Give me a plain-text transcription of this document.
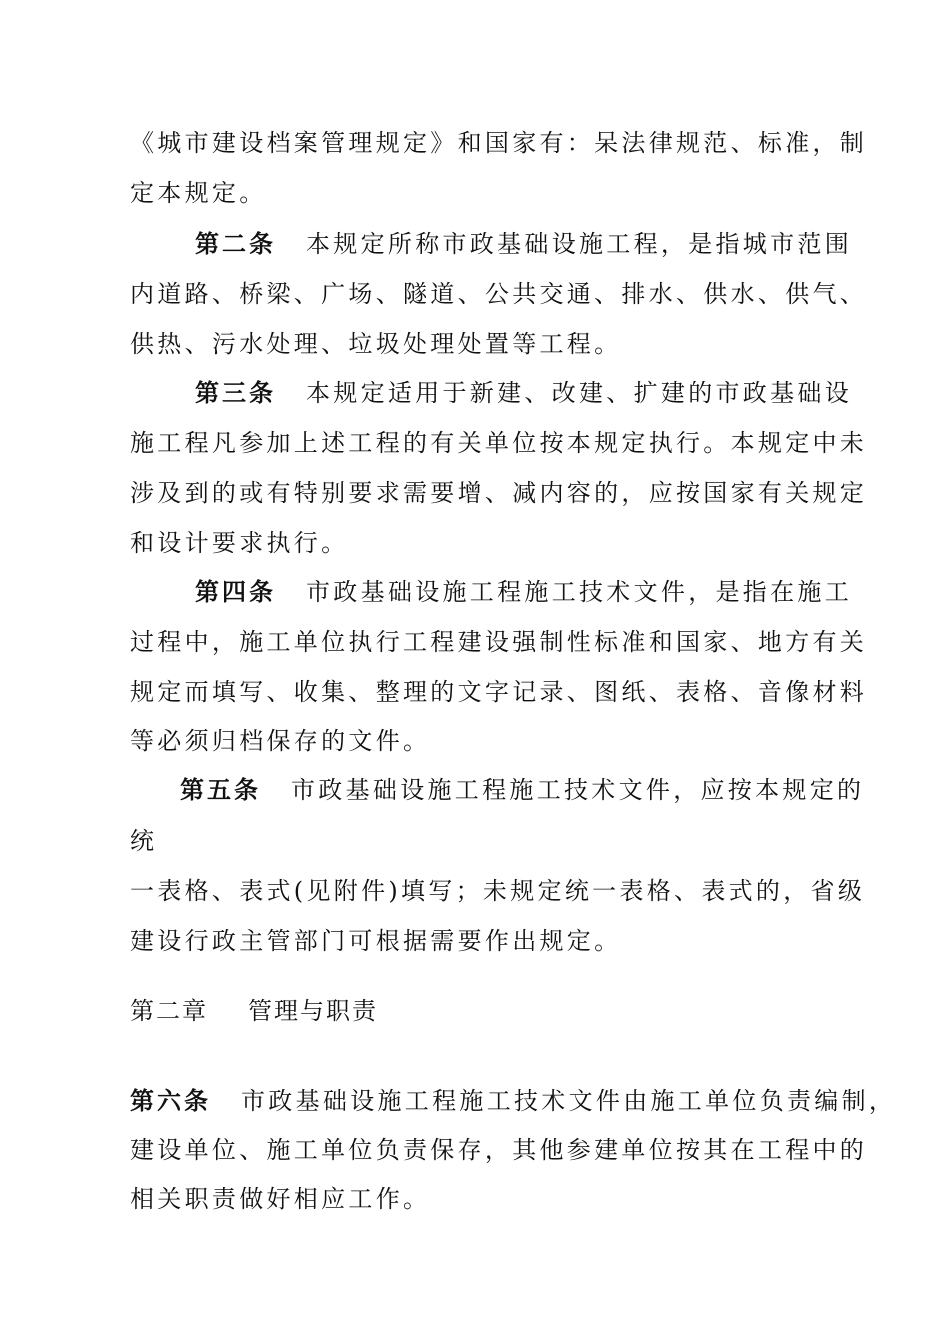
《城市建设档案管理规定》和国家有：呆法律规范、标准，制
定本规定。
第二条 本规定所称市政基础设施工程，是指城市范围
内道路、桥梁、广场、隧道、公共交通、排水、供水、供气、
供热、污水处理、垃圾处理处置等工程。
第三条 本规定适用于新建、改建、扩建的市政基础设
施工程凡参加上述工程的有关单位按本规定执行。本规定中未
涉及到的或有特别要求需要增、减内容的，应按国家有关规定
和设计要求执行。
第四条 市政基础设施工程施工技术文件，是指在施工
过程中，施工单位执行工程建设强制性标准和国家、地方有关
规定而填写、收集、整理的文字记录、图纸、表格、音像材料
等必须归档保存的文件。
第五条 市政基础设施工程施工技术文件，应按本规定的
统
一表格、表式(见附件)填写；未规定统一表格、表式的，省级
建设行政主管部门可根据需要作出规定。
第二章 管理与职责
第六条 市政基础设施工程施工技术文件由施工单位负责编制，
建设单位、施工单位负责保存，其他参建单位按其在工程中的
相关职责做好相应工作。
